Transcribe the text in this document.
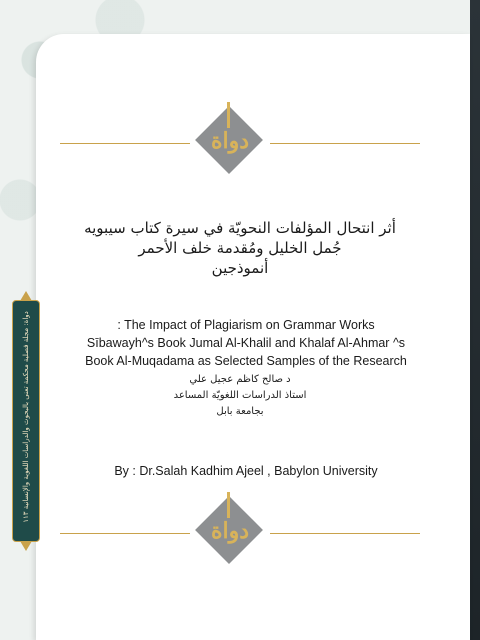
دواة: مجلة فصلية محكمة تعنى بالبحوث والدراسات اللغوية والإنسانية ١١٣
دواة
أثر انتحال المؤلفات النحويّة في سيرة كتاب سيبويه
جُمل الخليل ومُقدمة خلف الأحمر
أنموذجين
: The Impact of Plagiarism on Grammar Works
Sībawayh^s Book Jumal Al-Khalil and Khalaf Al-Ahmar ^s
Book Al-Muqadama as Selected Samples of the Research
د صالح كاظم عجيل علي
استاذ الدراسات اللغويّة المساعد
بجامعة بابل
By : Dr.Salah Kadhim Ajeel , Babylon University
دواة
